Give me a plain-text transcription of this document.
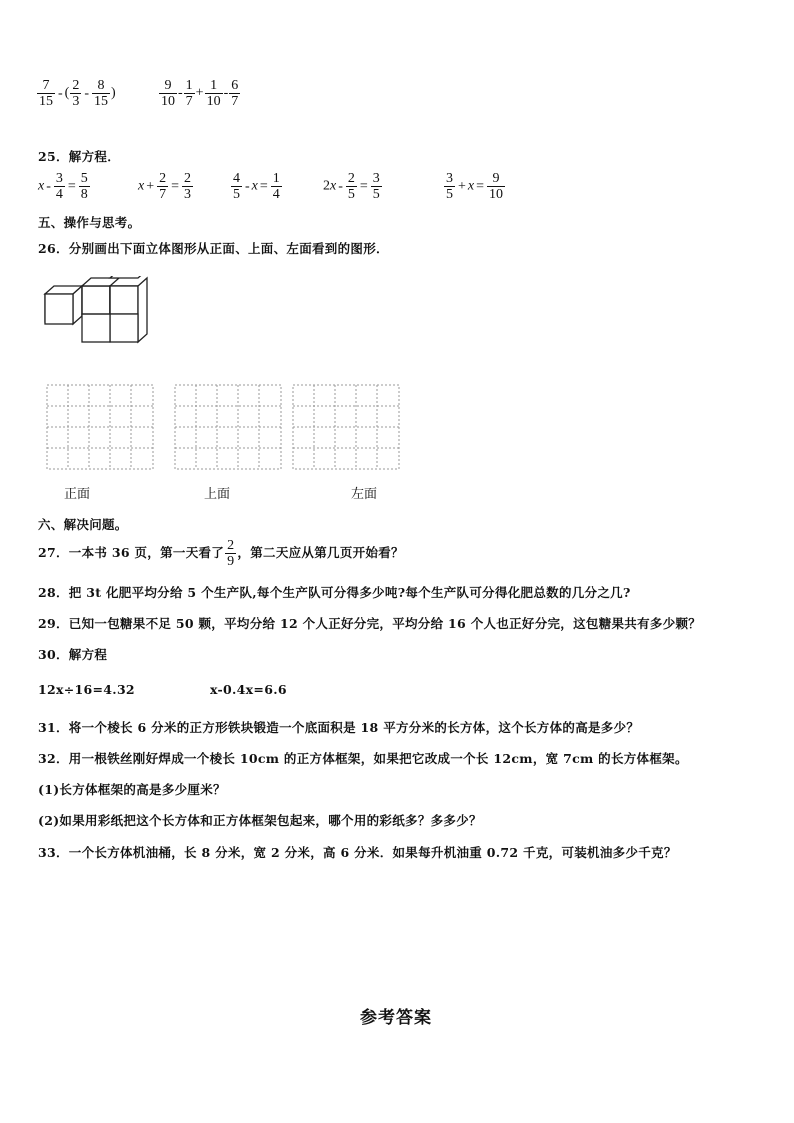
$\frac{7}{15}$ - ( $\frac{2}{3} - \frac{8}{15}$ )	$\frac{9}{10} - \frac{1}{7} + \frac{1}{10} - \frac{6}{7}$
25．解方程．
$x - \frac{3}{4} = \frac{5}{8}$	$x + \frac{2}{7} = \frac{2}{3}$	$\frac{4}{5} - x = \frac{1}{4}$	$2x - \frac{2}{5} = \frac{3}{5}$	$\frac{3}{5} + x = \frac{9}{10}$
五、操作与思考。
26．分别画出下面立体图形从正面、上面、左面看到的图形．
正面	上面	左面
六、解决问题。
27．一本书 36 页，第一天看了 $\frac{2}{9}$ ，第二天应从第几页开始看？
28．把 3t 化肥平均分给 5 个生产队,每个生产队可分得多少吨?每个生产队可分得化肥总数的几分之几?
29．已知一包糖果不足 50 颗，平均分给 12 个人正好分完，平均分给 16 个人也正好分完，这包糖果共有多少颗？
30．解方程
12x÷16=4.32	x-0.4x=6.6
31．将一个棱长 6 分米的正方形铁块锻造一个底面积是 18 平方分米的长方体，这个长方体的高是多少？
32．用一根铁丝刚好焊成一个棱长 10cm 的正方体框架，如果把它改成一个长 12cm，宽 7cm 的长方体框架。
(1)长方体框架的高是多少厘米？
(2)如果用彩纸把这个长方体和正方体框架包起来，哪个用的彩纸多？多多少？
33．一个长方体机油桶，长 8 分米，宽 2 分米，高 6 分米．如果每升机油重 0.72 千克，可装机油多少千克？
参考答案
